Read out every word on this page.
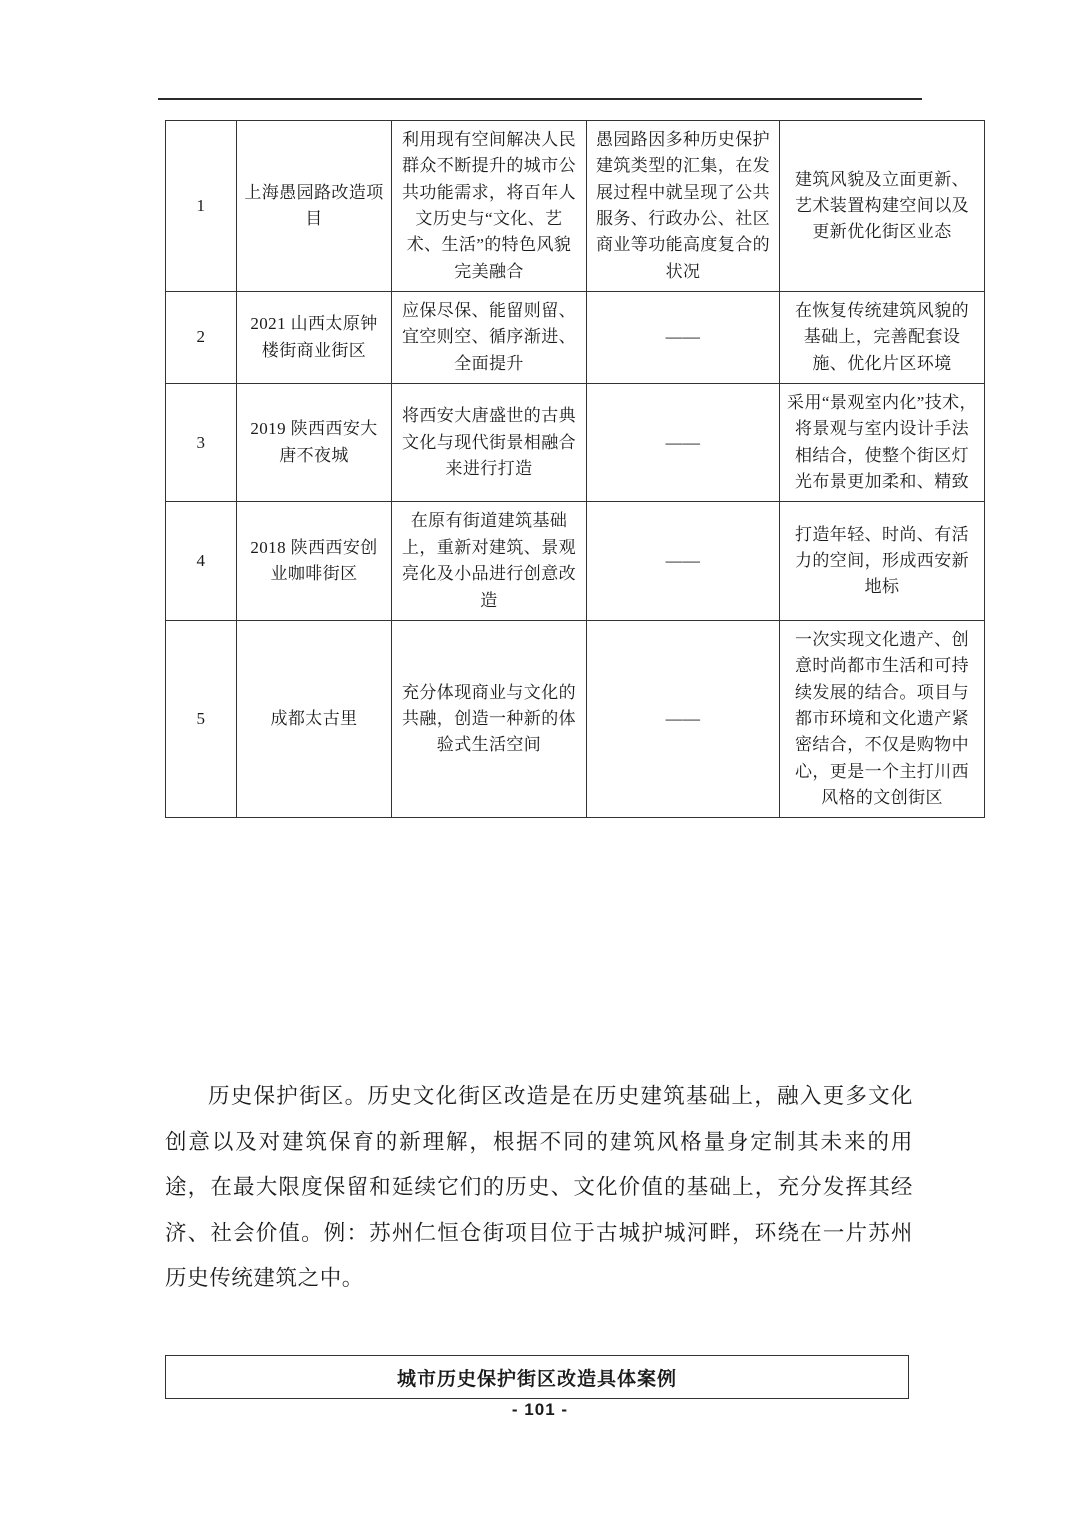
1	上海愚园路改造项目	利用现有空间解决人民群众不断提升的城市公共功能需求，将百年人文历史与“文化、艺术、生活”的特色风貌完美融合	愚园路因多种历史保护建筑类型的汇集，在发展过程中就呈现了公共服务、行政办公、社区商业等功能高度复合的状况	建筑风貌及立面更新、艺术装置构建空间以及更新优化街区业态
2	2021 山西太原钟楼街商业街区	应保尽保、能留则留、宜空则空、循序渐进、全面提升	——	在恢复传统建筑风貌的基础上，完善配套设施、优化片区环境
3	2019 陕西西安大唐不夜城	将西安大唐盛世的古典文化与现代街景相融合来进行打造	——	采用“景观室内化”技术，将景观与室内设计手法相结合，使整个街区灯光布景更加柔和、精致
4	2018 陕西西安创业咖啡街区	在原有街道建筑基础上，重新对建筑、景观亮化及小品进行创意改造	——	打造年轻、时尚、有活力的空间，形成西安新地标
5	成都太古里	充分体现商业与文化的共融，创造一种新的体验式生活空间	——	一次实现文化遗产、创意时尚都市生活和可持续发展的结合。项目与都市环境和文化遗产紧密结合，不仅是购物中心，更是一个主打川西风格的文创街区

历史保护街区。历史文化街区改造是在历史建筑基础上，融入更多文化创意以及对建筑保育的新理解，根据不同的建筑风格量身定制其未来的用途，在最大限度保留和延续它们的历史、文化价值的基础上，充分发挥其经济、社会价值。例：苏州仁恒仓街项目位于古城护城河畔，环绕在一片苏州历史传统建筑之中。

城市历史保护街区改造具体案例
- 101 -
